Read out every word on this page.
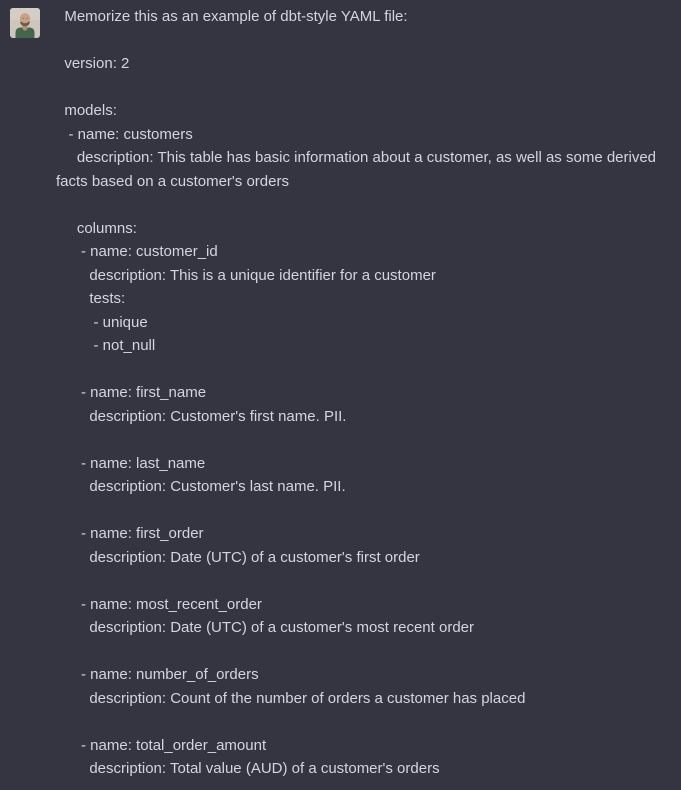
Memorize this as an example of dbt-style YAML file:
version: 2
models:
- name: customers
description: This table has basic information about a customer, as well as some derived
facts based on a customer's orders
columns:
- name: customer_id
description: This is a unique identifier for a customer
tests:
- unique
- not_null
- name: first_name
description: Customer's first name. PII.
- name: last_name
description: Customer's last name. PII.
- name: first_order
description: Date (UTC) of a customer's first order
- name: most_recent_order
description: Date (UTC) of a customer's most recent order
- name: number_of_orders
description: Count of the number of orders a customer has placed
- name: total_order_amount
description: Total value (AUD) of a customer's orders
